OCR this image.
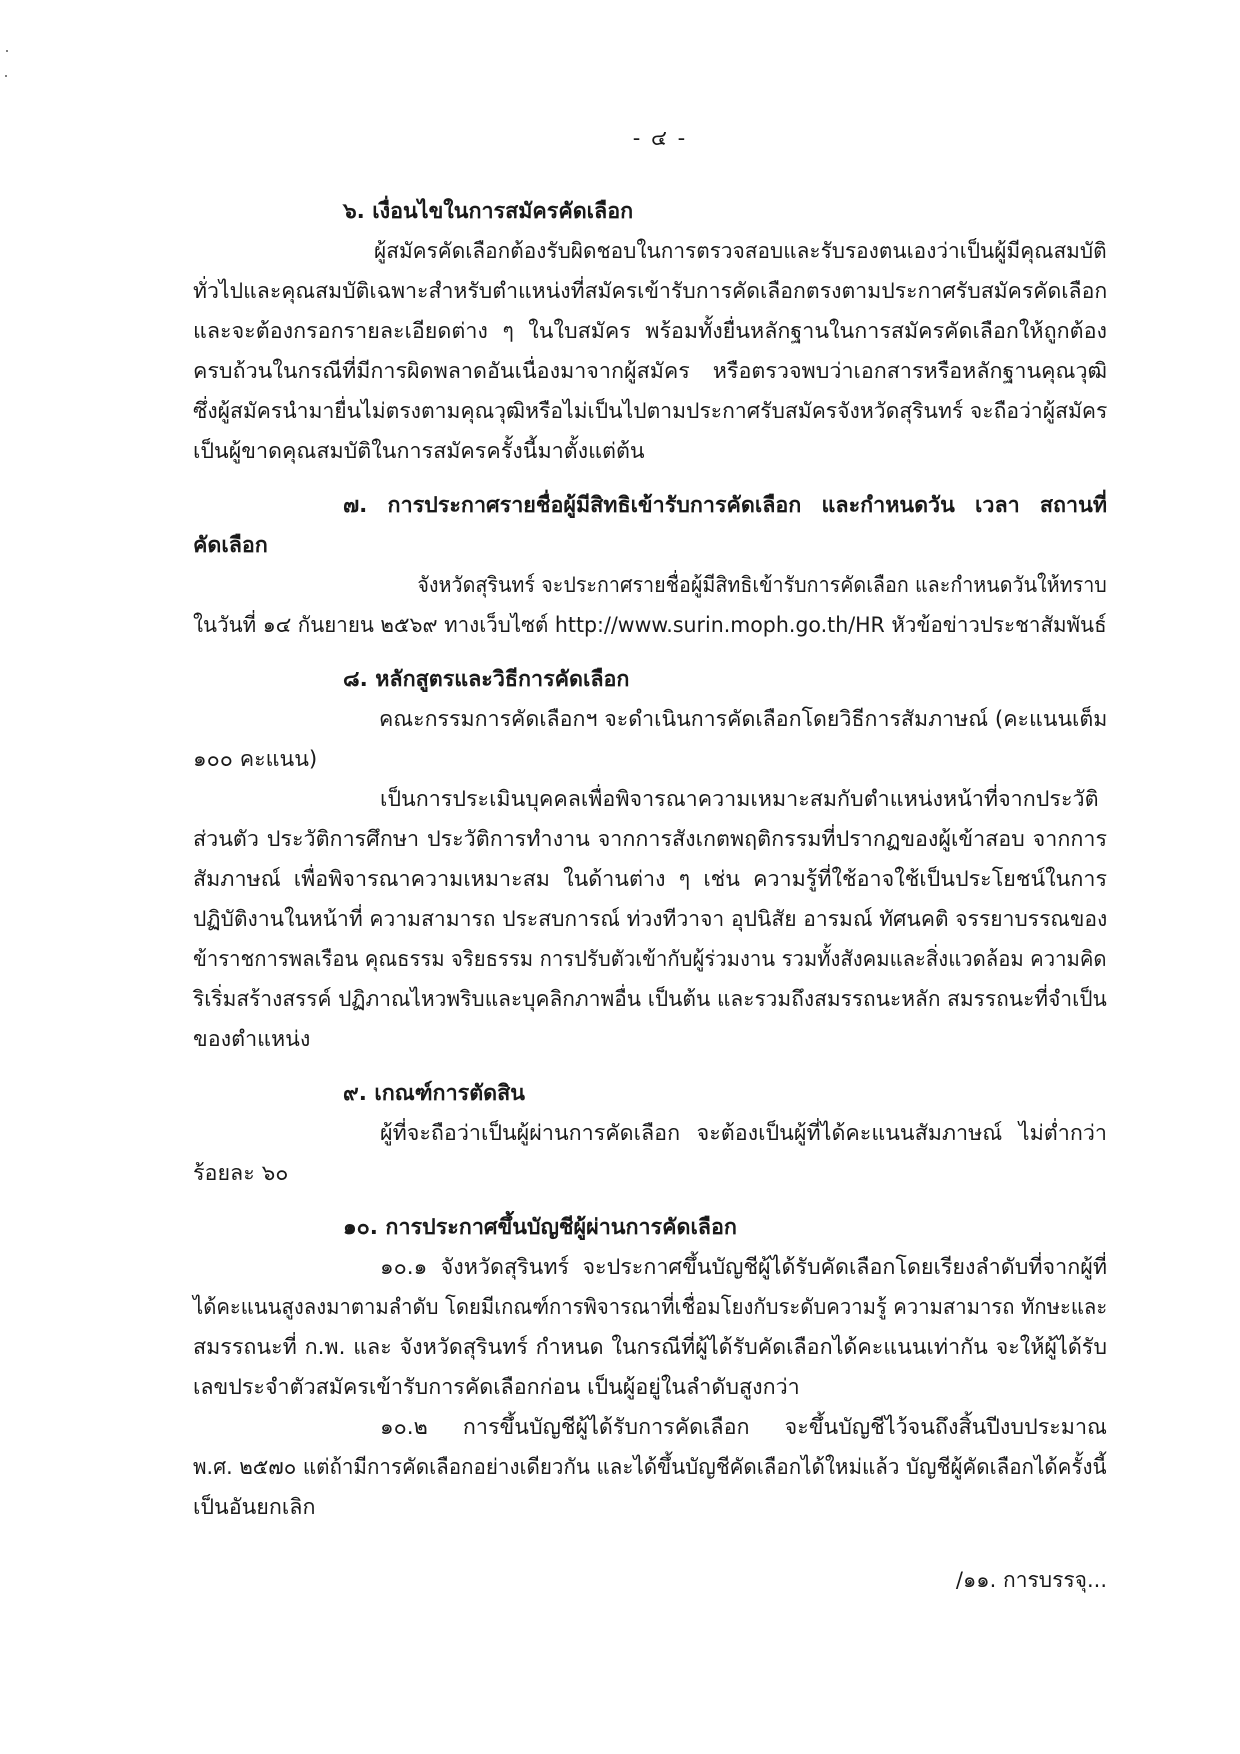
- ๔ -
๖. เงื่อนไขในการสมัครคัดเลือก
ผู้สมัครคัดเลือกต้องรับผิดชอบในการตรวจสอบและรับรองตนเองว่าเป็นผู้มีคุณสมบัติ
ทั่วไปและคุณสมบัติเฉพาะสำหรับตำแหน่งที่สมัครเข้ารับการคัดเลือกตรงตามประกาศรับสมัครคัดเลือก
และจะต้องกรอกรายละเอียดต่าง ๆ ในใบสมัคร พร้อมทั้งยื่นหลักฐานในการสมัครคัดเลือกให้ถูกต้อง
ครบถ้วนในกรณีที่มีการผิดพลาดอันเนื่องมาจากผู้สมัคร หรือตรวจพบว่าเอกสารหรือหลักฐานคุณวุฒิ
ซึ่งผู้สมัครนำมายื่นไม่ตรงตามคุณวุฒิหรือไม่เป็นไปตามประกาศรับสมัครจังหวัดสุรินทร์ จะถือว่าผู้สมัคร
เป็นผู้ขาดคุณสมบัติในการสมัครครั้งนี้มาตั้งแต่ต้น
๗. การประกาศรายชื่อผู้มีสิทธิเข้ารับการคัดเลือก และกำหนดวัน เวลา สถานที่
คัดเลือก
จังหวัดสุรินทร์ จะประกาศรายชื่อผู้มีสิทธิเข้ารับการคัดเลือก และกำหนดวันให้ทราบ
ในวันที่ ๑๔ กันยายน ๒๕๖๙ ทางเว็บไซต์ http://www.surin.moph.go.th/HR หัวข้อข่าวประชาสัมพันธ์
๘. หลักสูตรและวิธีการคัดเลือก
คณะกรรมการคัดเลือกฯ จะดำเนินการคัดเลือกโดยวิธีการสัมภาษณ์ (คะแนนเต็ม
๑๐๐ คะแนน)
เป็นการประเมินบุคคลเพื่อพิจารณาความเหมาะสมกับตำแหน่งหน้าที่จากประวัติ
ส่วนตัว ประวัติการศึกษา ประวัติการทำงาน จากการสังเกตพฤติกรรมที่ปรากฏของผู้เข้าสอบ จากการ
สัมภาษณ์ เพื่อพิจารณาความเหมาะสม ในด้านต่าง ๆ เช่น ความรู้ที่ใช้อาจใช้เป็นประโยชน์ในการ
ปฏิบัติงานในหน้าที่ ความสามารถ ประสบการณ์ ท่วงทีวาจา อุปนิสัย อารมณ์ ทัศนคติ จรรยาบรรณของ
ข้าราชการพลเรือน คุณธรรม จริยธรรม การปรับตัวเข้ากับผู้ร่วมงาน รวมทั้งสังคมและสิ่งแวดล้อม ความคิด
ริเริ่มสร้างสรรค์ ปฏิภาณไหวพริบและบุคลิกภาพอื่น เป็นต้น และรวมถึงสมรรถนะหลัก สมรรถนะที่จำเป็น
ของตำแหน่ง
๙. เกณฑ์การตัดสิน
ผู้ที่จะถือว่าเป็นผู้ผ่านการคัดเลือก จะต้องเป็นผู้ที่ได้คะแนนสัมภาษณ์ ไม่ต่ำกว่า
ร้อยละ ๖๐
๑๐. การประกาศขึ้นบัญชีผู้ผ่านการคัดเลือก
๑๐.๑ จังหวัดสุรินทร์ จะประกาศขึ้นบัญชีผู้ได้รับคัดเลือกโดยเรียงลำดับที่จากผู้ที่
ได้คะแนนสูงลงมาตามลำดับ โดยมีเกณฑ์การพิจารณาที่เชื่อมโยงกับระดับความรู้ ความสามารถ ทักษะและ
สมรรถนะที่ ก.พ. และ จังหวัดสุรินทร์ กำหนด ในกรณีที่ผู้ได้รับคัดเลือกได้คะแนนเท่ากัน จะให้ผู้ได้รับ
เลขประจำตัวสมัครเข้ารับการคัดเลือกก่อน เป็นผู้อยู่ในลำดับสูงกว่า
๑๐.๒ การขึ้นบัญชีผู้ได้รับการคัดเลือก จะขึ้นบัญชีไว้จนถึงสิ้นปีงบประมาณ
พ.ศ. ๒๕๗๐ แต่ถ้ามีการคัดเลือกอย่างเดียวกัน และได้ขึ้นบัญชีคัดเลือกได้ใหม่แล้ว บัญชีผู้คัดเลือกได้ครั้งนี้
เป็นอันยกเลิก
/๑๑. การบรรจุ...
